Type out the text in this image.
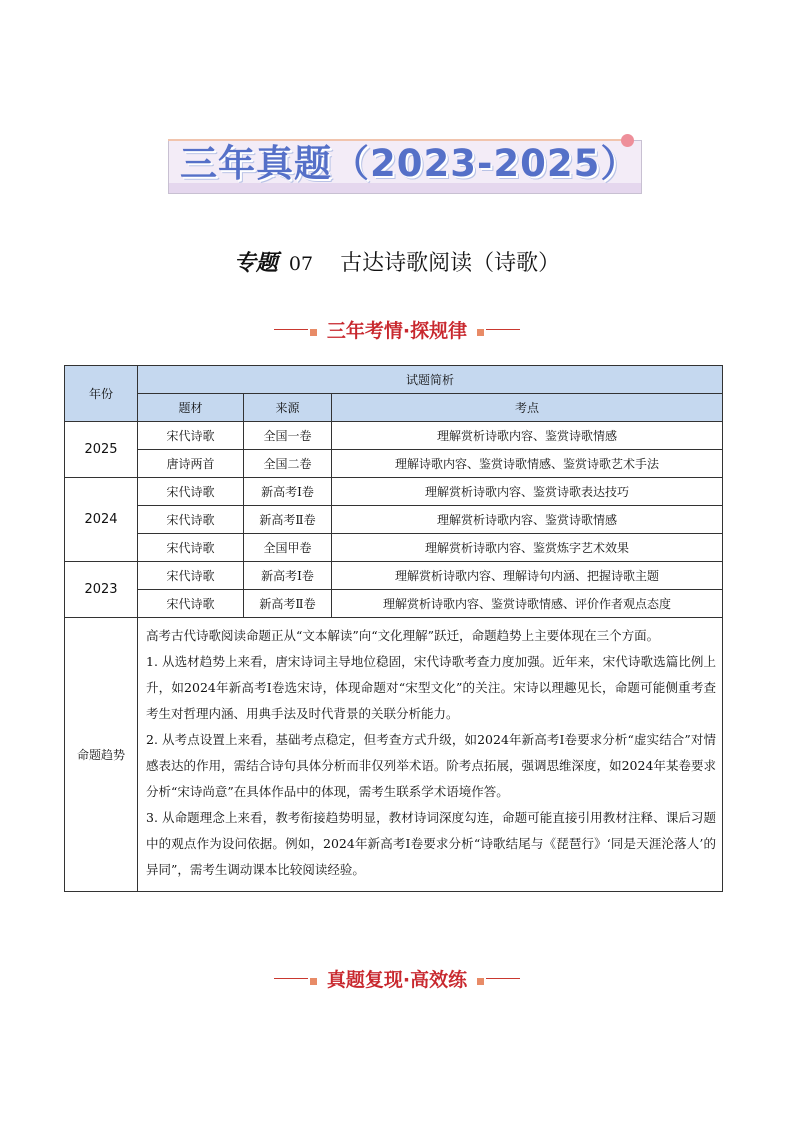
三年真题（2023-2025）
专题 07 古达诗歌阅读（诗歌）
三年考情·探规律
年份	试题简析		
	题材	来源	考点
2025	宋代诗歌	全国一卷	理解赏析诗歌内容、鉴赏诗歌情感
	唐诗两首	全国二卷	理解诗歌内容、鉴赏诗歌情感、鉴赏诗歌艺术手法
2024	宋代诗歌	新高考Ⅰ卷	理解赏析诗歌内容、鉴赏诗歌表达技巧
	宋代诗歌	新高考Ⅱ卷	理解赏析诗歌内容、鉴赏诗歌情感
	宋代诗歌	全国甲卷	理解赏析诗歌内容、鉴赏炼字艺术效果
2023	宋代诗歌	新高考Ⅰ卷	理解赏析诗歌内容、理解诗句内涵、把握诗歌主题
	宋代诗歌	新高考Ⅱ卷	理解赏析诗歌内容、鉴赏诗歌情感、评价作者观点态度
命题趋势	高考古代诗歌阅读命题正从“文本解读”向“文化理解”跃迁，命题趋势上主要体现在三个方面。

1. 从选材趋势上来看，唐宋诗词主导地位稳固，宋代诗歌考查力度加强。近年来，宋代诗歌选篇比例上升，如2024年新高考Ⅰ卷选宋诗，体现命题对“宋型文化”的关注。宋诗以理趣见长，命题可能侧重考查考生对哲理内涵、用典手法及时代背景的关联分析能力。

2. 从考点设置上来看，基础考点稳定，但考查方式升级，如2024年新高考Ⅰ卷要求分析“虚实结合”对情感表达的作用，需结合诗句具体分析而非仅列举术语。阶考点拓展，强调思维深度，如2024年某卷要求分析“宋诗尚意”在具体作品中的体现，需考生联系学术语境作答。

3. 从命题理念上来看，教考衔接趋势明显，教材诗词深度勾连，命题可能直接引用教材注释、课后习题中的观点作为设问依据。例如，2024年新高考Ⅰ卷要求分析“诗歌结尾与《琵琶行》‘同是天涯沦落人’的异同”，需考生调动课本比较阅读经验。		

真题复现·高效练
